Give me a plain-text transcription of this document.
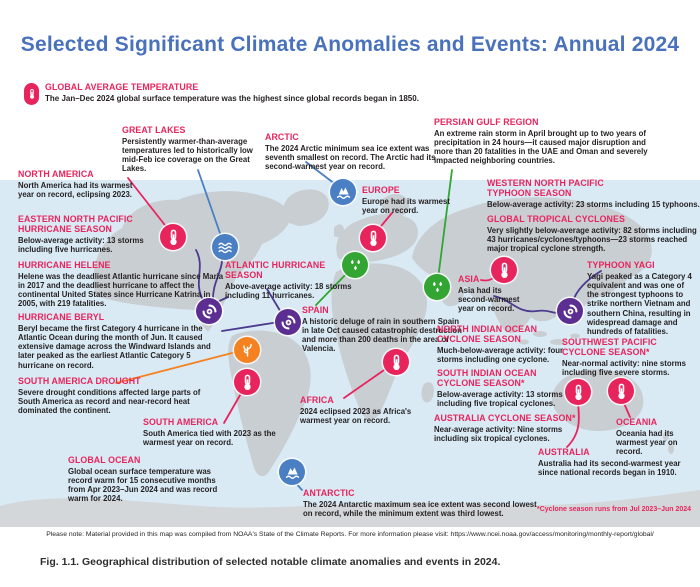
Selected Significant Climate Anomalies and Events: Annual 2024
GLOBAL AVERAGE TEMPERATURE
The Jan–Dec 2024 global surface temperature was the highest since global records began in 1850.
GREAT LAKES
Persistently warmer-than-average temperatures led to historically low mid-Feb ice coverage on the Great Lakes.
NORTH AMERICA
North America had its warmest year on record, eclipsing 2023.
ARCTIC
The 2024 Arctic minimum sea ice extent was seventh smallest on record. The Arctic had its second-warmest year on record.
EUROPE
Europe had its warmest year on record.
PERSIAN GULF REGION
An extreme rain storm in April brought up to two years of precipitation in 24 hours—it caused major disruption and more than 20 fatalities in the UAE and Oman and severely impacted neighboring countries.
WESTERN NORTH PACIFIC TYPHOON SEASON
Below-average activity: 23 storms including 15 typhoons.
GLOBAL TROPICAL CYCLONES
Very slightly below-average activity: 82 storms including 43 hurricanes/cyclones/typhoons—23 storms reached major tropical cyclone strength.
EASTERN NORTH PACIFIC HURRICANE SEASON
Below-average activity: 13 storms including five hurricanes.
HURRICANE HELENE
Helene was the deadliest Atlantic hurricane since Maria in 2017 and the deadliest hurricane to affect the continental United States since Hurricane Katrina in 2005, with 219 fatalities.
ATLANTIC HURRICANE SEASON
Above-average activity: 18 storms including 11 hurricanes.
SPAIN
A historic deluge of rain in southern Spain in late Oct caused catastrophic destruction and more than 200 deaths in the area of Valencia.
HURRICANE BERYL
Beryl became the first Category 4 hurricane in the Atlantic Ocean during the month of Jun. It caused extensive damage across the Windward Islands and later peaked as the earliest Atlantic Category 5 hurricane on record.
TYPHOON YAGI
Yagi peaked as a Category 4 equivalent and was one of the strongest typhoons to strike northern Vietnam and southern China, resulting in widespread damage and hundreds of fatalities.
ASIA
Asia had its second-warmest year on record.
NORTH INDIAN OCEAN CYCLONE SEASON
Much-below-average activity: four storms including one cyclone.
SOUTH INDIAN OCEAN CYCLONE SEASON*
Below-average activity: 13 storms including five tropical cyclones.
AUSTRALIA CYCLONE SEASON*
Near-average activity: Nine storms including six tropical cyclones.
SOUTHWEST PACIFIC CYCLONE SEASON*
Near-normal activity: nine storms including five severe storms.
SOUTH AMERICA DROUGHT
Severe drought conditions affected large parts of South America as record and near-record heat dominated the continent.
SOUTH AMERICA
South America tied with 2023 as the warmest year on record.
GLOBAL OCEAN
Global ocean surface temperature was record warm for 15 consecutive months from Apr 2023–Jun 2024 and was record warm for 2024.
AFRICA
2024 eclipsed 2023 as Africa's warmest year on record.
ANTARCTIC
The 2024 Antarctic maximum sea ice extent was second lowest on record, while the minimum extent was third lowest.
OCEANIA
Oceania had its warmest year on record.
AUSTRALIA
Australia had its second-warmest year since national records began in 1910.
*Cyclone season runs from Jul 2023–Jun 2024
Please note: Material provided in this map was compiled from NOAA's State of the Climate Reports. For more information please visit: https://www.ncei.noaa.gov/access/monitoring/monthly-report/global/
Fig. 1.1. Geographical distribution of selected notable climate anomalies and events in 2024.
